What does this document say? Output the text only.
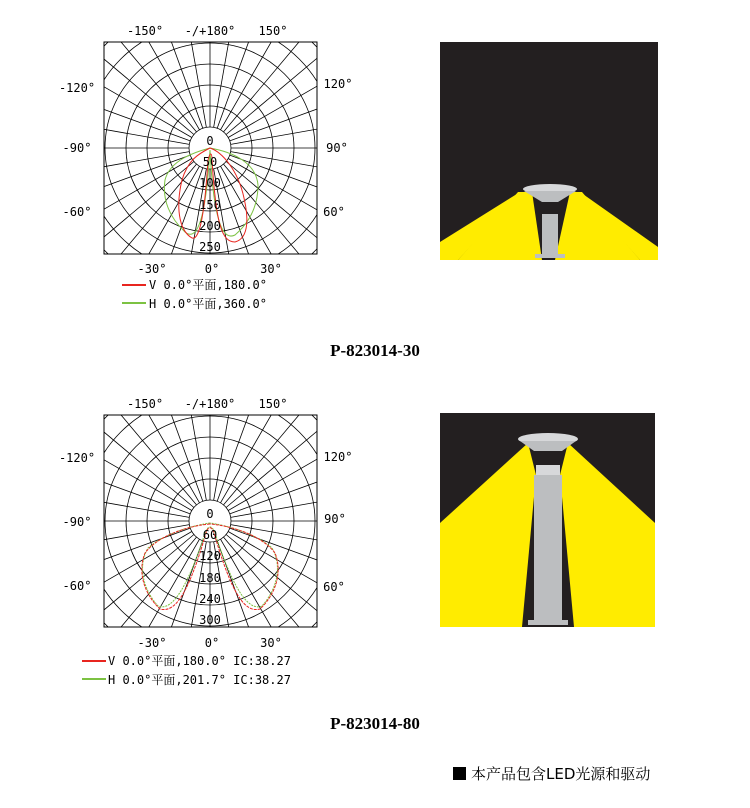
-150° -/+180° 150°
-120°
-90°
-60°
120°
90°
60°
-30°	0°	30°
0
50
100
150
200
250
V 0.0°平面,180.0°
H 0.0°平面,360.0°
P-823014-30
-150° -/+180° 150°
-120°
-90°
-60°
120°
90°
60°
-30°	0°	30°
0
60
120
180
240
300
V 0.0°平面,180.0° IC:38.27
H 0.0°平面,201.7° IC:38.27
P-823014-80
本产品包含LED光源和驱动
